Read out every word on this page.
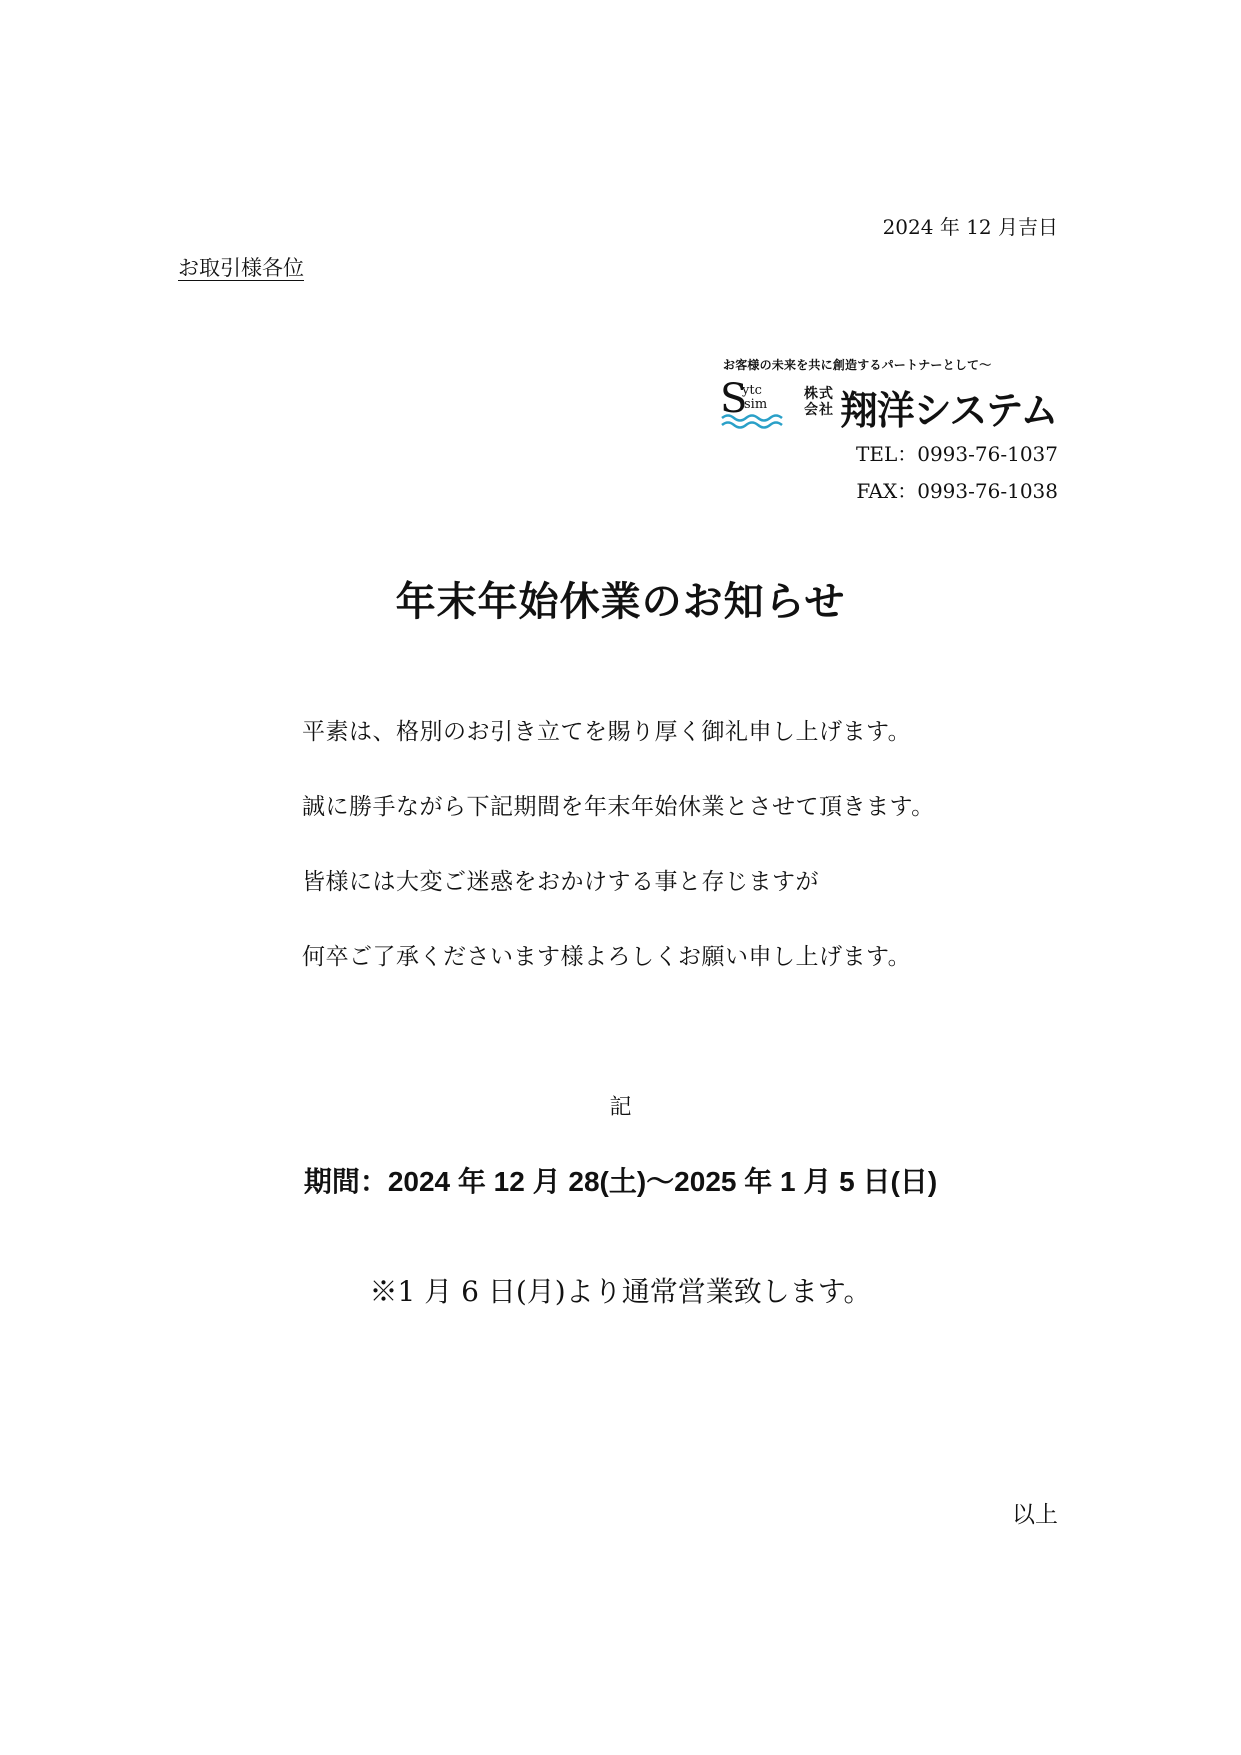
2024 年 12 月吉日
お取引様各位
お客様の未来を共に創造するパートナーとして～
S
ytc
sim
株式会社 翔洋システム
TEL：0993-76-1037
FAX：0993-76-1038
年末年始休業のお知らせ
平素は、格別のお引き立てを賜り厚く御礼申し上げます。
誠に勝手ながら下記期間を年末年始休業とさせて頂きます。
皆様には大変ご迷惑をおかけする事と存じますが
何卒ご了承くださいます様よろしくお願い申し上げます。
記
期間：2024 年 12 月 28(土)～2025 年 1 月 5 日(日)
※1 月 6 日(月)より通常営業致します。
以上
